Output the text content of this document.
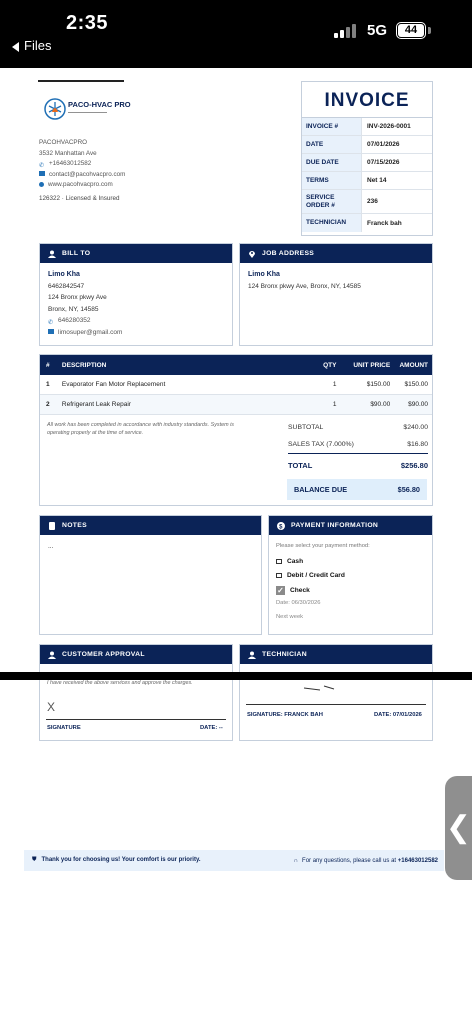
2:35
Files
5G	44
PACO-HVAC PRO
▬▬▬▬▬▬▬▬▬▬▬▬▬
PACOHVACPRO
3532 Manhattan Ave
✆ +16463012582
contact@pacohvacpro.com
www.pacohvacpro.com
126322 · Licensed & Insured
INVOICE
INVOICE #	INV-2026-0001
DATE	07/01/2026
DUE DATE	07/15/2026
TERMS	Net 14
SERVICE ORDER #	236
TECHNICIAN	Franck bah
BILL TO
Limo Kha
6462842547
124 Bronx pkwy Ave
Bronx, NY, 14585
✆ 646280352
limosuper@gmail.com
JOB ADDRESS
Limo Kha
124 Bronx pkwy Ave, Bronx, NY, 14585
#	DESCRIPTION	QTY	UNIT PRICE	AMOUNT
1	Evaporator Fan Motor Replacement	1	$150.00	$150.00
2	Refrigerant Leak Repair	1	$90.00	$90.00
All work has been completed in accordance with industry standards. System is operating properly at the time of service.
SUBTOTAL	$240.00
SALES TAX (7.000%)	$16.80
TOTAL	$256.80
BALANCE DUE	$56.80
NOTES
...
$ PAYMENT INFORMATION
Please select your payment method:
Cash
Debit / Credit Card
✓ Check
Date: 06/30/2026
Next week
CUSTOMER APPROVAL	TECHNICIAN
I have received the above services and approve the charges.
X
SIGNATURE	DATE: --
SIGNATURE: FRANCK BAH	DATE: 07/01/2026
⛊ Thank you for choosing us! Your comfort is our priority.	∩ For any questions, please call us at +16463012582
❮
